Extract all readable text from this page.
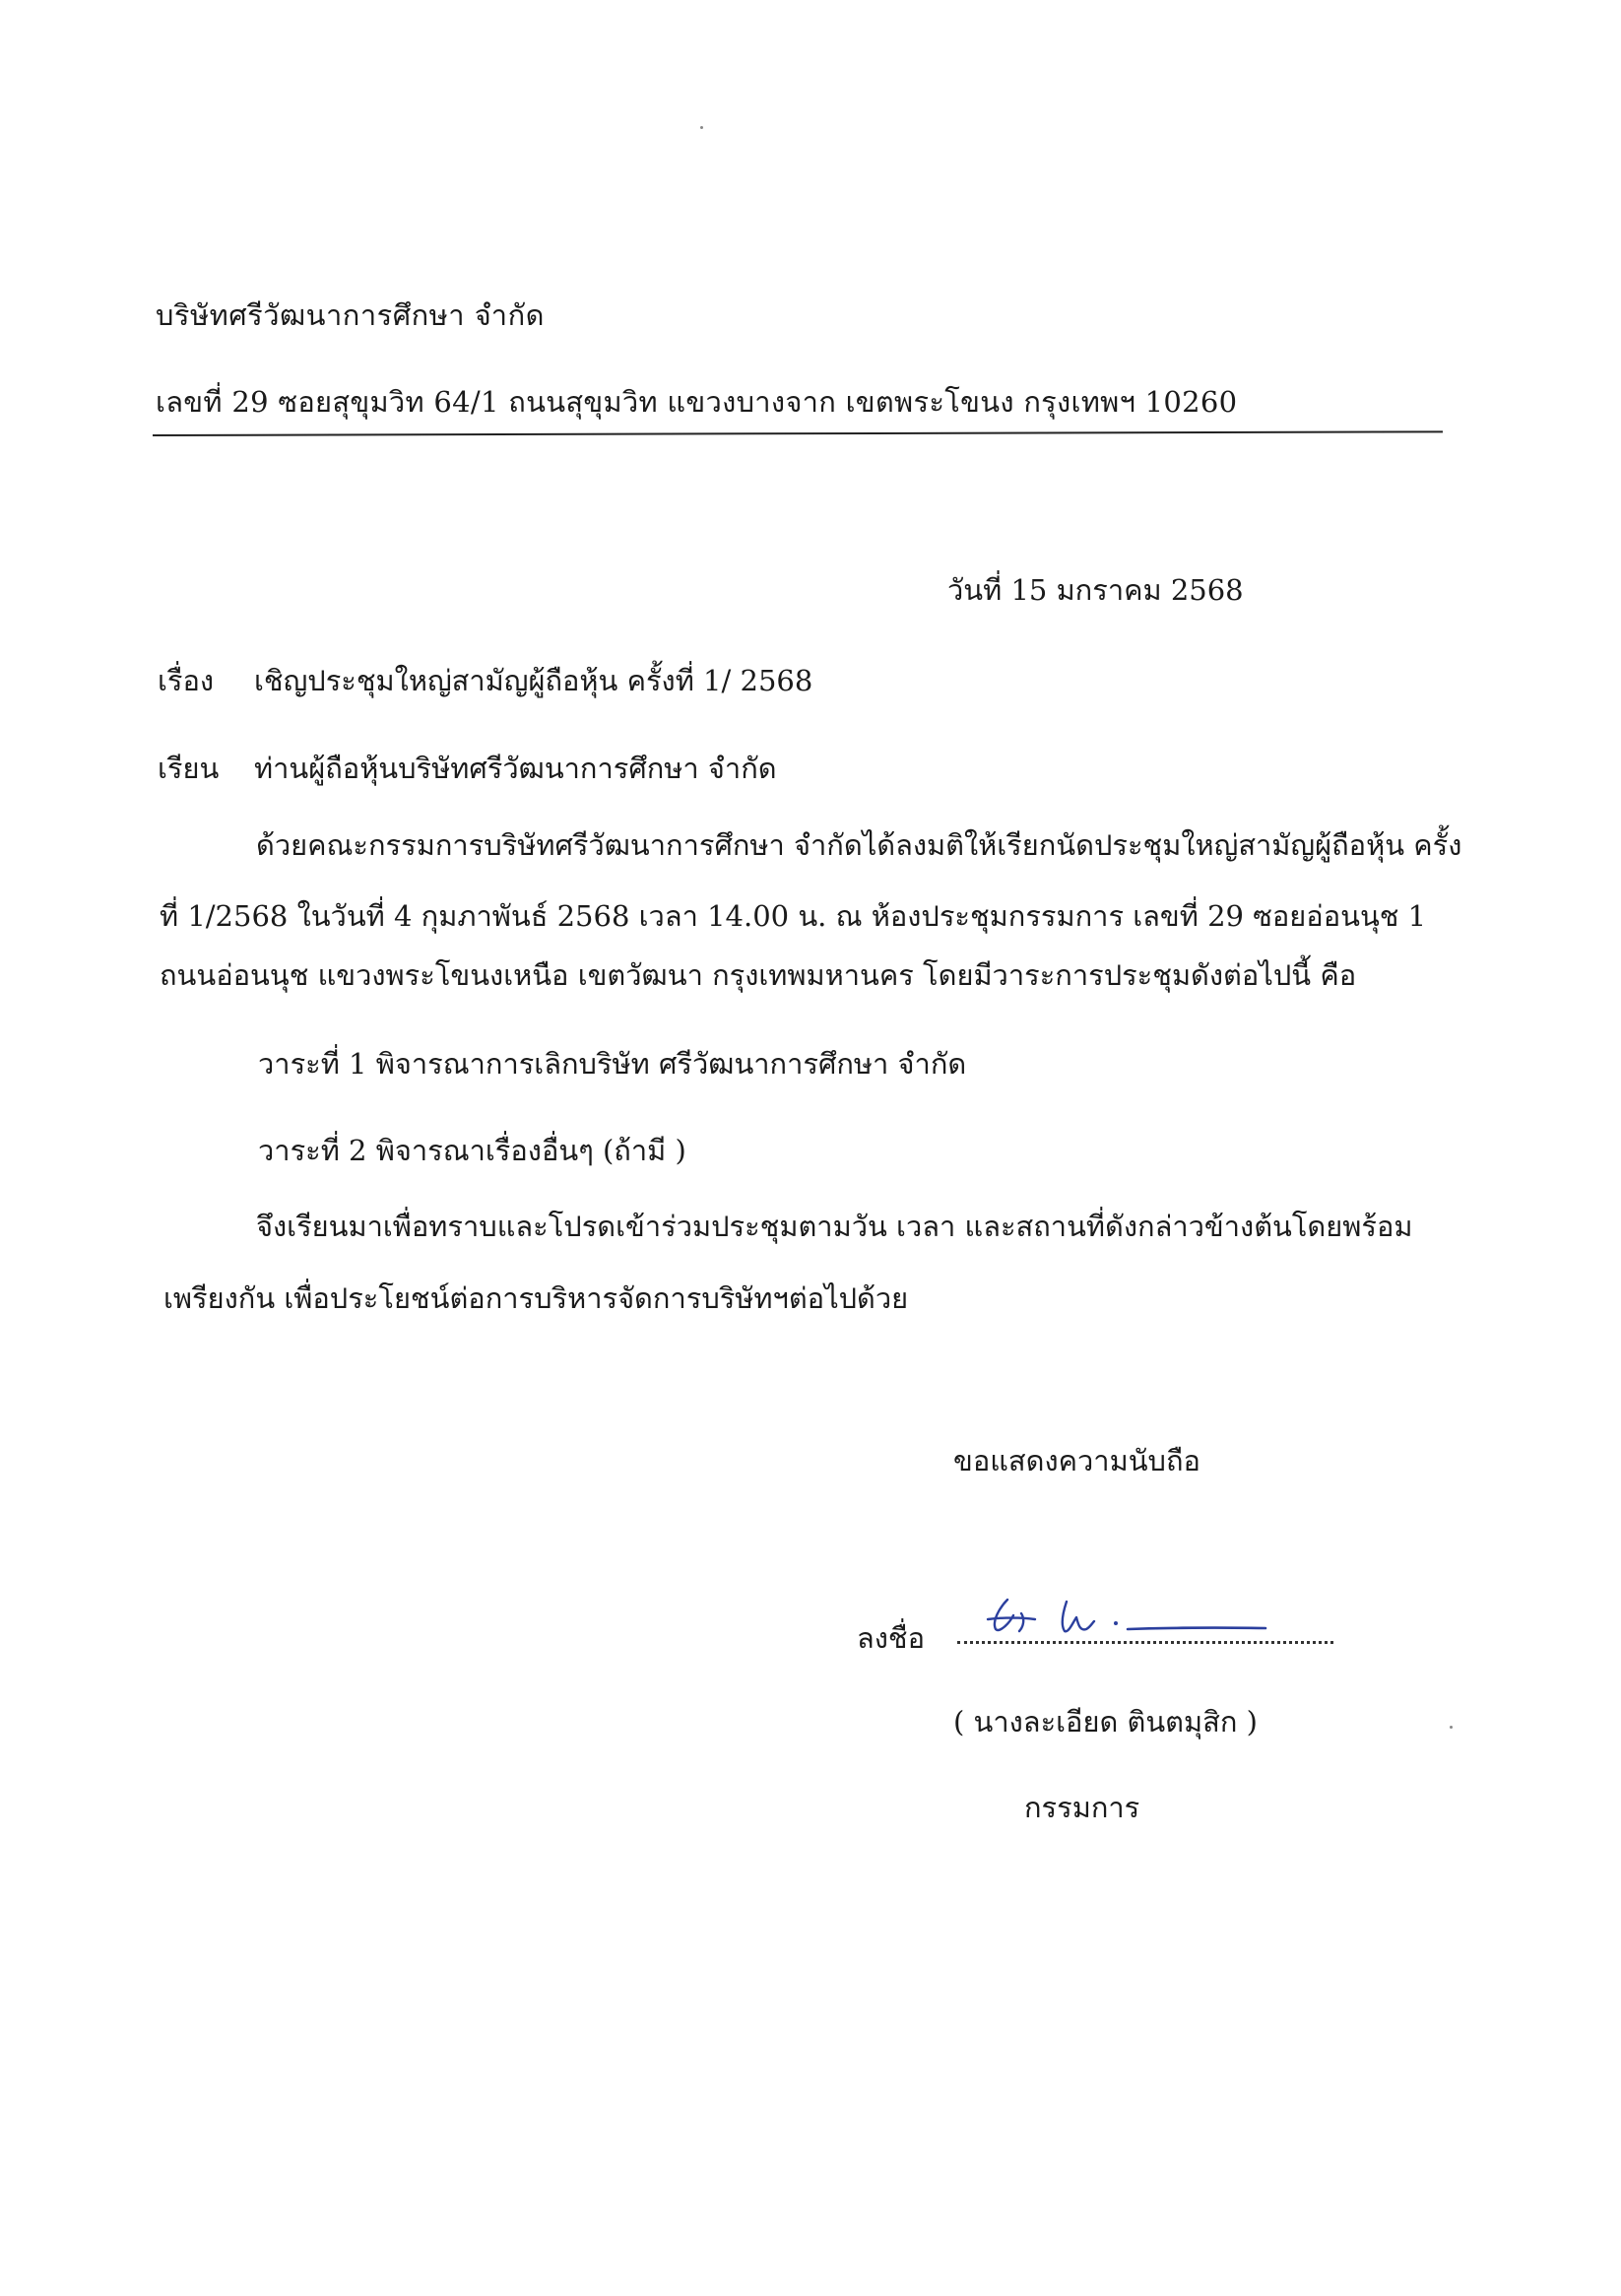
บริษัทศรีวัฒนาการศึกษา จำกัด
เลขที่ 29 ซอยสุขุมวิท 64/1 ถนนสุขุมวิท แขวงบางจาก เขตพระโขนง กรุงเทพฯ 10260
วันที่ 15 มกราคม 2568
เรื่อง เชิญประชุมใหญ่สามัญผู้ถือหุ้น ครั้งที่ 1/ 2568
เรียน ท่านผู้ถือหุ้นบริษัทศรีวัฒนาการศึกษา จำกัด
ด้วยคณะกรรมการบริษัทศรีวัฒนาการศึกษา จำกัดได้ลงมติให้เรียกนัดประชุมใหญ่สามัญผู้ถือหุ้น ครั้ง
ที่ 1/2568 ในวันที่ 4 กุมภาพันธ์ 2568 เวลา 14.00 น. ณ ห้องประชุมกรรมการ เลขที่ 29 ซอยอ่อนนุช 1
ถนนอ่อนนุช แขวงพระโขนงเหนือ เขตวัฒนา กรุงเทพมหานคร โดยมีวาระการประชุมดังต่อไปนี้ คือ
วาระที่ 1 พิจารณาการเลิกบริษัท ศรีวัฒนาการศึกษา จำกัด
วาระที่ 2 พิจารณาเรื่องอื่นๆ (ถ้ามี )
จึงเรียนมาเพื่อทราบและโปรดเข้าร่วมประชุมตามวัน เวลา และสถานที่ดังกล่าวข้างต้นโดยพร้อม
เพรียงกัน เพื่อประโยชน์ต่อการบริหารจัดการบริษัทฯต่อไปด้วย
ขอแสดงความนับถือ
ลงชื่อ
( นางละเอียด ตินตมุสิก )
กรรมการ
